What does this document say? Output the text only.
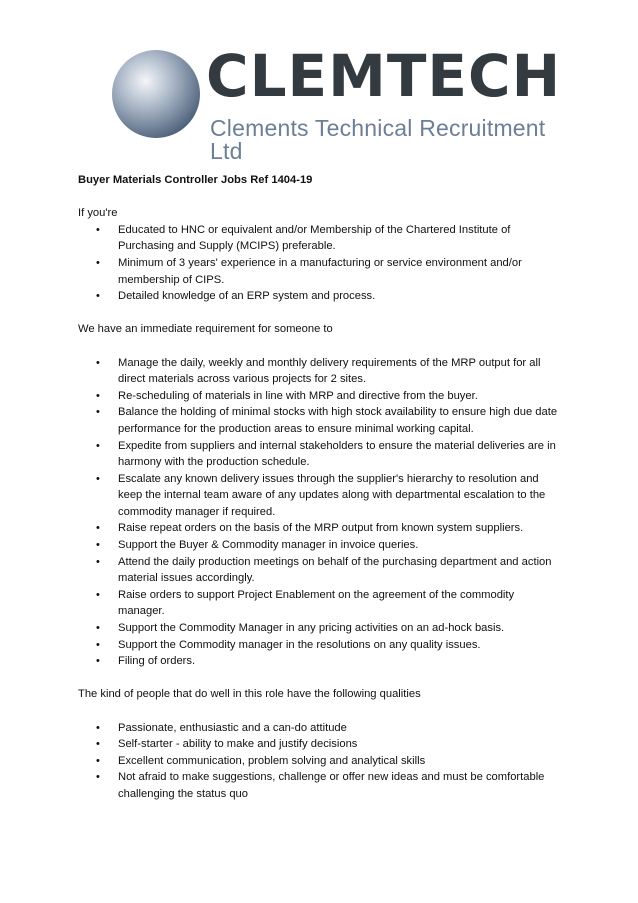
CLEMTECH
Clements Technical Recruitment Ltd

Buyer Materials Controller Jobs Ref 1404-19

If you're

• Educated to HNC or equivalent and/or Membership of the Chartered Institute of Purchasing and Supply (MCIPS) preferable.
• Minimum of 3 years' experience in a manufacturing or service environment and/or membership of CIPS.
• Detailed knowledge of an ERP system and process.

We have an immediate requirement for someone to

• Manage the daily, weekly and monthly delivery requirements of the MRP output for all direct materials across various projects for 2 sites.
• Re-scheduling of materials in line with MRP and directive from the buyer.
• Balance the holding of minimal stocks with high stock availability to ensure high due date performance for the production areas to ensure minimal working capital.
• Expedite from suppliers and internal stakeholders to ensure the material deliveries are in harmony with the production schedule.
• Escalate any known delivery issues through the supplier's hierarchy to resolution and keep the internal team aware of any updates along with departmental escalation to the commodity manager if required.
• Raise repeat orders on the basis of the MRP output from known system suppliers.
• Support the Buyer & Commodity manager in invoice queries.
• Attend the daily production meetings on behalf of the purchasing department and action material issues accordingly.
• Raise orders to support Project Enablement on the agreement of the commodity manager.
• Support the Commodity Manager in any pricing activities on an ad-hock basis.
• Support the Commodity manager in the resolutions on any quality issues.
• Filing of orders.

The kind of people that do well in this role have the following qualities

• Passionate, enthusiastic and a can-do attitude
• Self-starter - ability to make and justify decisions
• Excellent communication, problem solving and analytical skills
• Not afraid to make suggestions, challenge or offer new ideas and must be comfortable challenging the status quo
